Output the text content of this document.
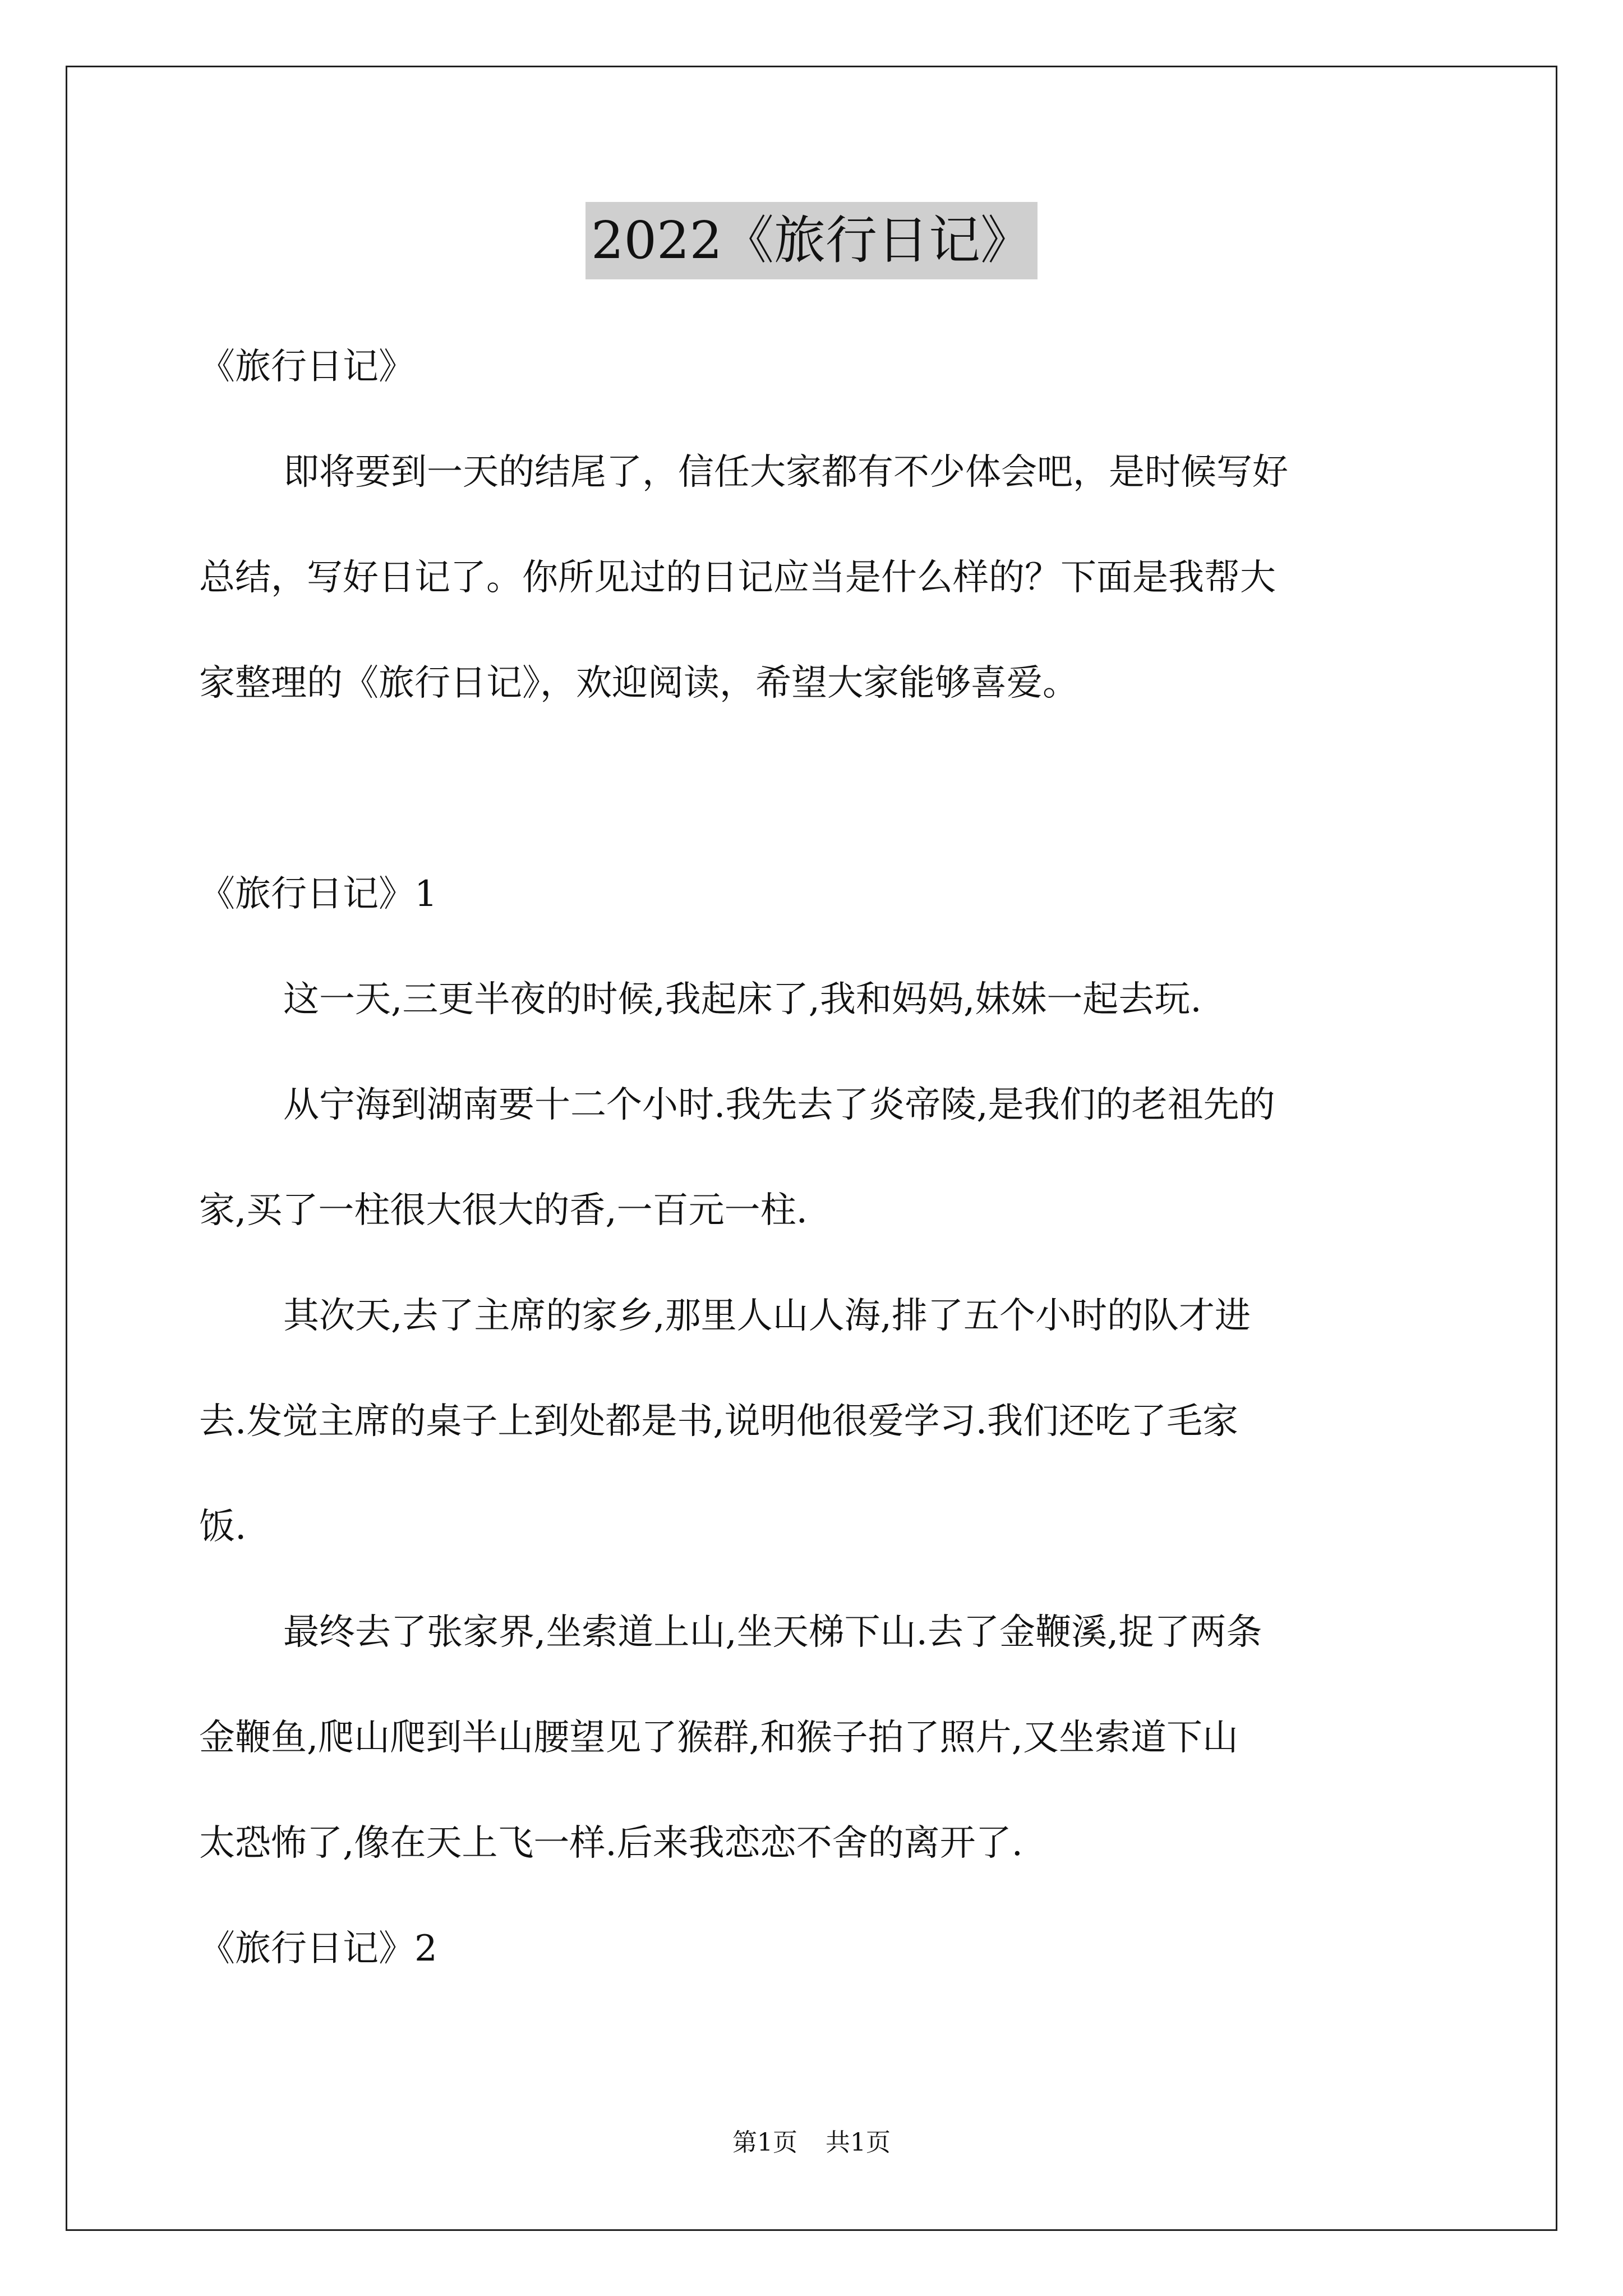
2022《旅行日记》
《旅行日记》
即将要到一天的结尾了，信任大家都有不少体会吧，是时候写好
总结，写好日记了。你所见过的日记应当是什么样的？下面是我帮大
家整理的《旅行日记》，欢迎阅读，希望大家能够喜爱。
《旅行日记》1
这一天,三更半夜的时候,我起床了,我和妈妈,妹妹一起去玩.
从宁海到湖南要十二个小时.我先去了炎帝陵,是我们的老祖先的
家,买了一柱很大很大的香,一百元一柱.
其次天,去了主席的家乡,那里人山人海,排了五个小时的队才进
去.发觉主席的桌子上到处都是书,说明他很爱学习.我们还吃了毛家
饭.
最终去了张家界,坐索道上山,坐天梯下山.去了金鞭溪,捉了两条
金鞭鱼,爬山爬到半山腰望见了猴群,和猴子拍了照片,又坐索道下山
太恐怖了,像在天上飞一样.后来我恋恋不舍的离开了.
《旅行日记》2
第1页 共1页
